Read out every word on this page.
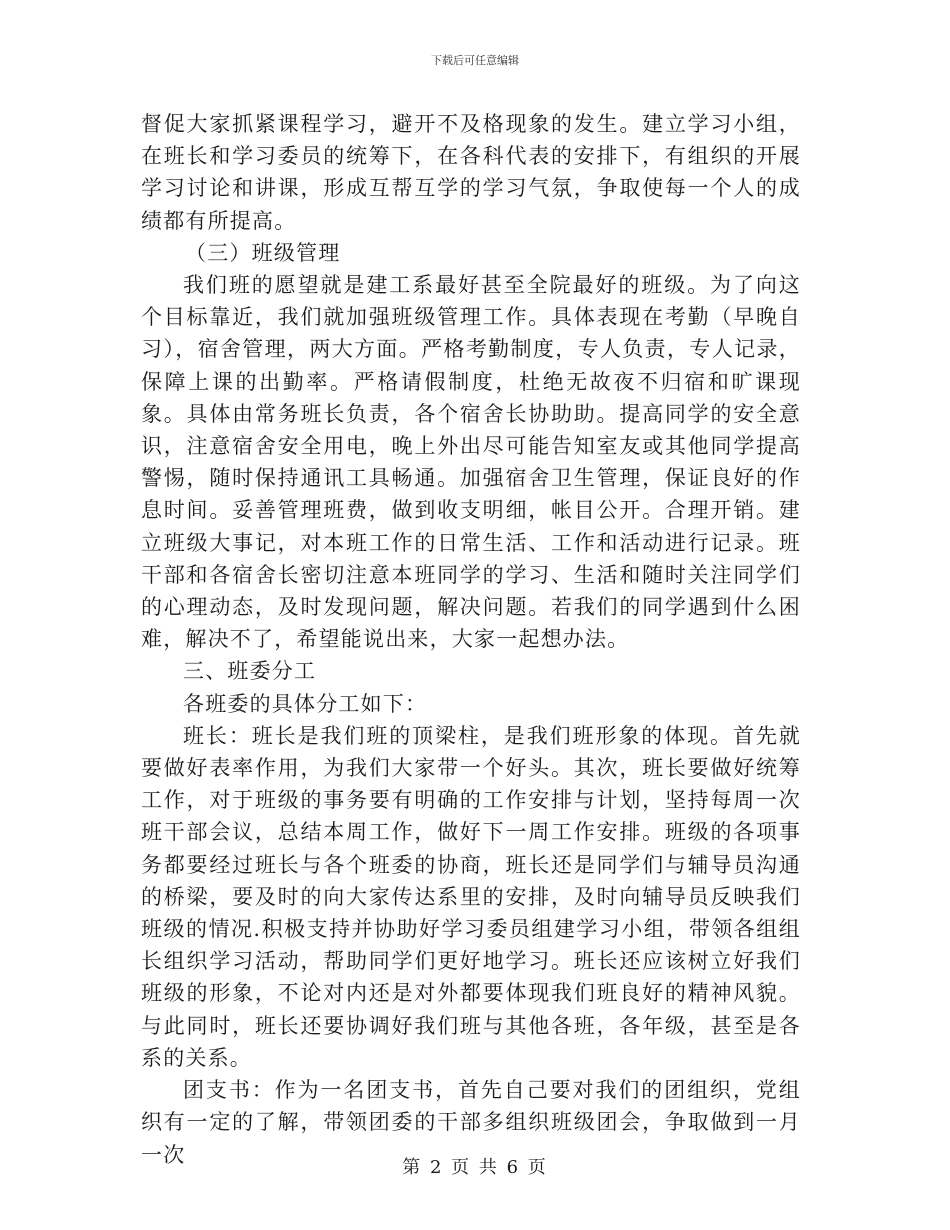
下载后可任意编辑

督促大家抓紧课程学习，避开不及格现象的发生。建立学习小组，在班长和学习委员的统筹下，在各科代表的安排下，有组织的开展学习讨论和讲课，形成互帮互学的学习气氛，争取使每一个人的成绩都有所提高。

（三）班级管理

我们班的愿望就是建工系最好甚至全院最好的班级。为了向这个目标靠近，我们就加强班级管理工作。具体表现在考勤（早晚自习），宿舍管理，两大方面。严格考勤制度，专人负责，专人记录，保障上课的出勤率。严格请假制度，杜绝无故夜不归宿和旷课现象。具体由常务班长负责，各个宿舍长协助助。提高同学的安全意识，注意宿舍安全用电，晚上外出尽可能告知室友或其他同学提高警惕，随时保持通讯工具畅通。加强宿舍卫生管理，保证良好的作息时间。妥善管理班费，做到收支明细，帐目公开。合理开销。建立班级大事记，对本班工作的日常生活、工作和活动进行记录。班干部和各宿舍长密切注意本班同学的学习、生活和随时关注同学们的心理动态，及时发现问题，解决问题。若我们的同学遇到什么困难，解决不了，希望能说出来，大家一起想办法。

三、班委分工

各班委的具体分工如下：

班长：班长是我们班的顶梁柱，是我们班形象的体现。首先就要做好表率作用，为我们大家带一个好头。其次，班长要做好统筹工作，对于班级的事务要有明确的工作安排与计划，坚持每周一次班干部会议，总结本周工作，做好下一周工作安排。班级的各项事务都要经过班长与各个班委的协商，班长还是同学们与辅导员沟通的桥梁，要及时的向大家传达系里的安排，及时向辅导员反映我们班级的情况.积极支持并协助好学习委员组建学习小组，带领各组组长组织学习活动，帮助同学们更好地学习。班长还应该树立好我们班级的形象，不论对内还是对外都要体现我们班良好的精神风貌。与此同时，班长还要协调好我们班与其他各班，各年级，甚至是各系的关系。

团支书：作为一名团支书，首先自己要对我们的团组织，党组织有一定的了解，带领团委的干部多组织班级团会，争取做到一月一次

第 2 页 共 6 页
